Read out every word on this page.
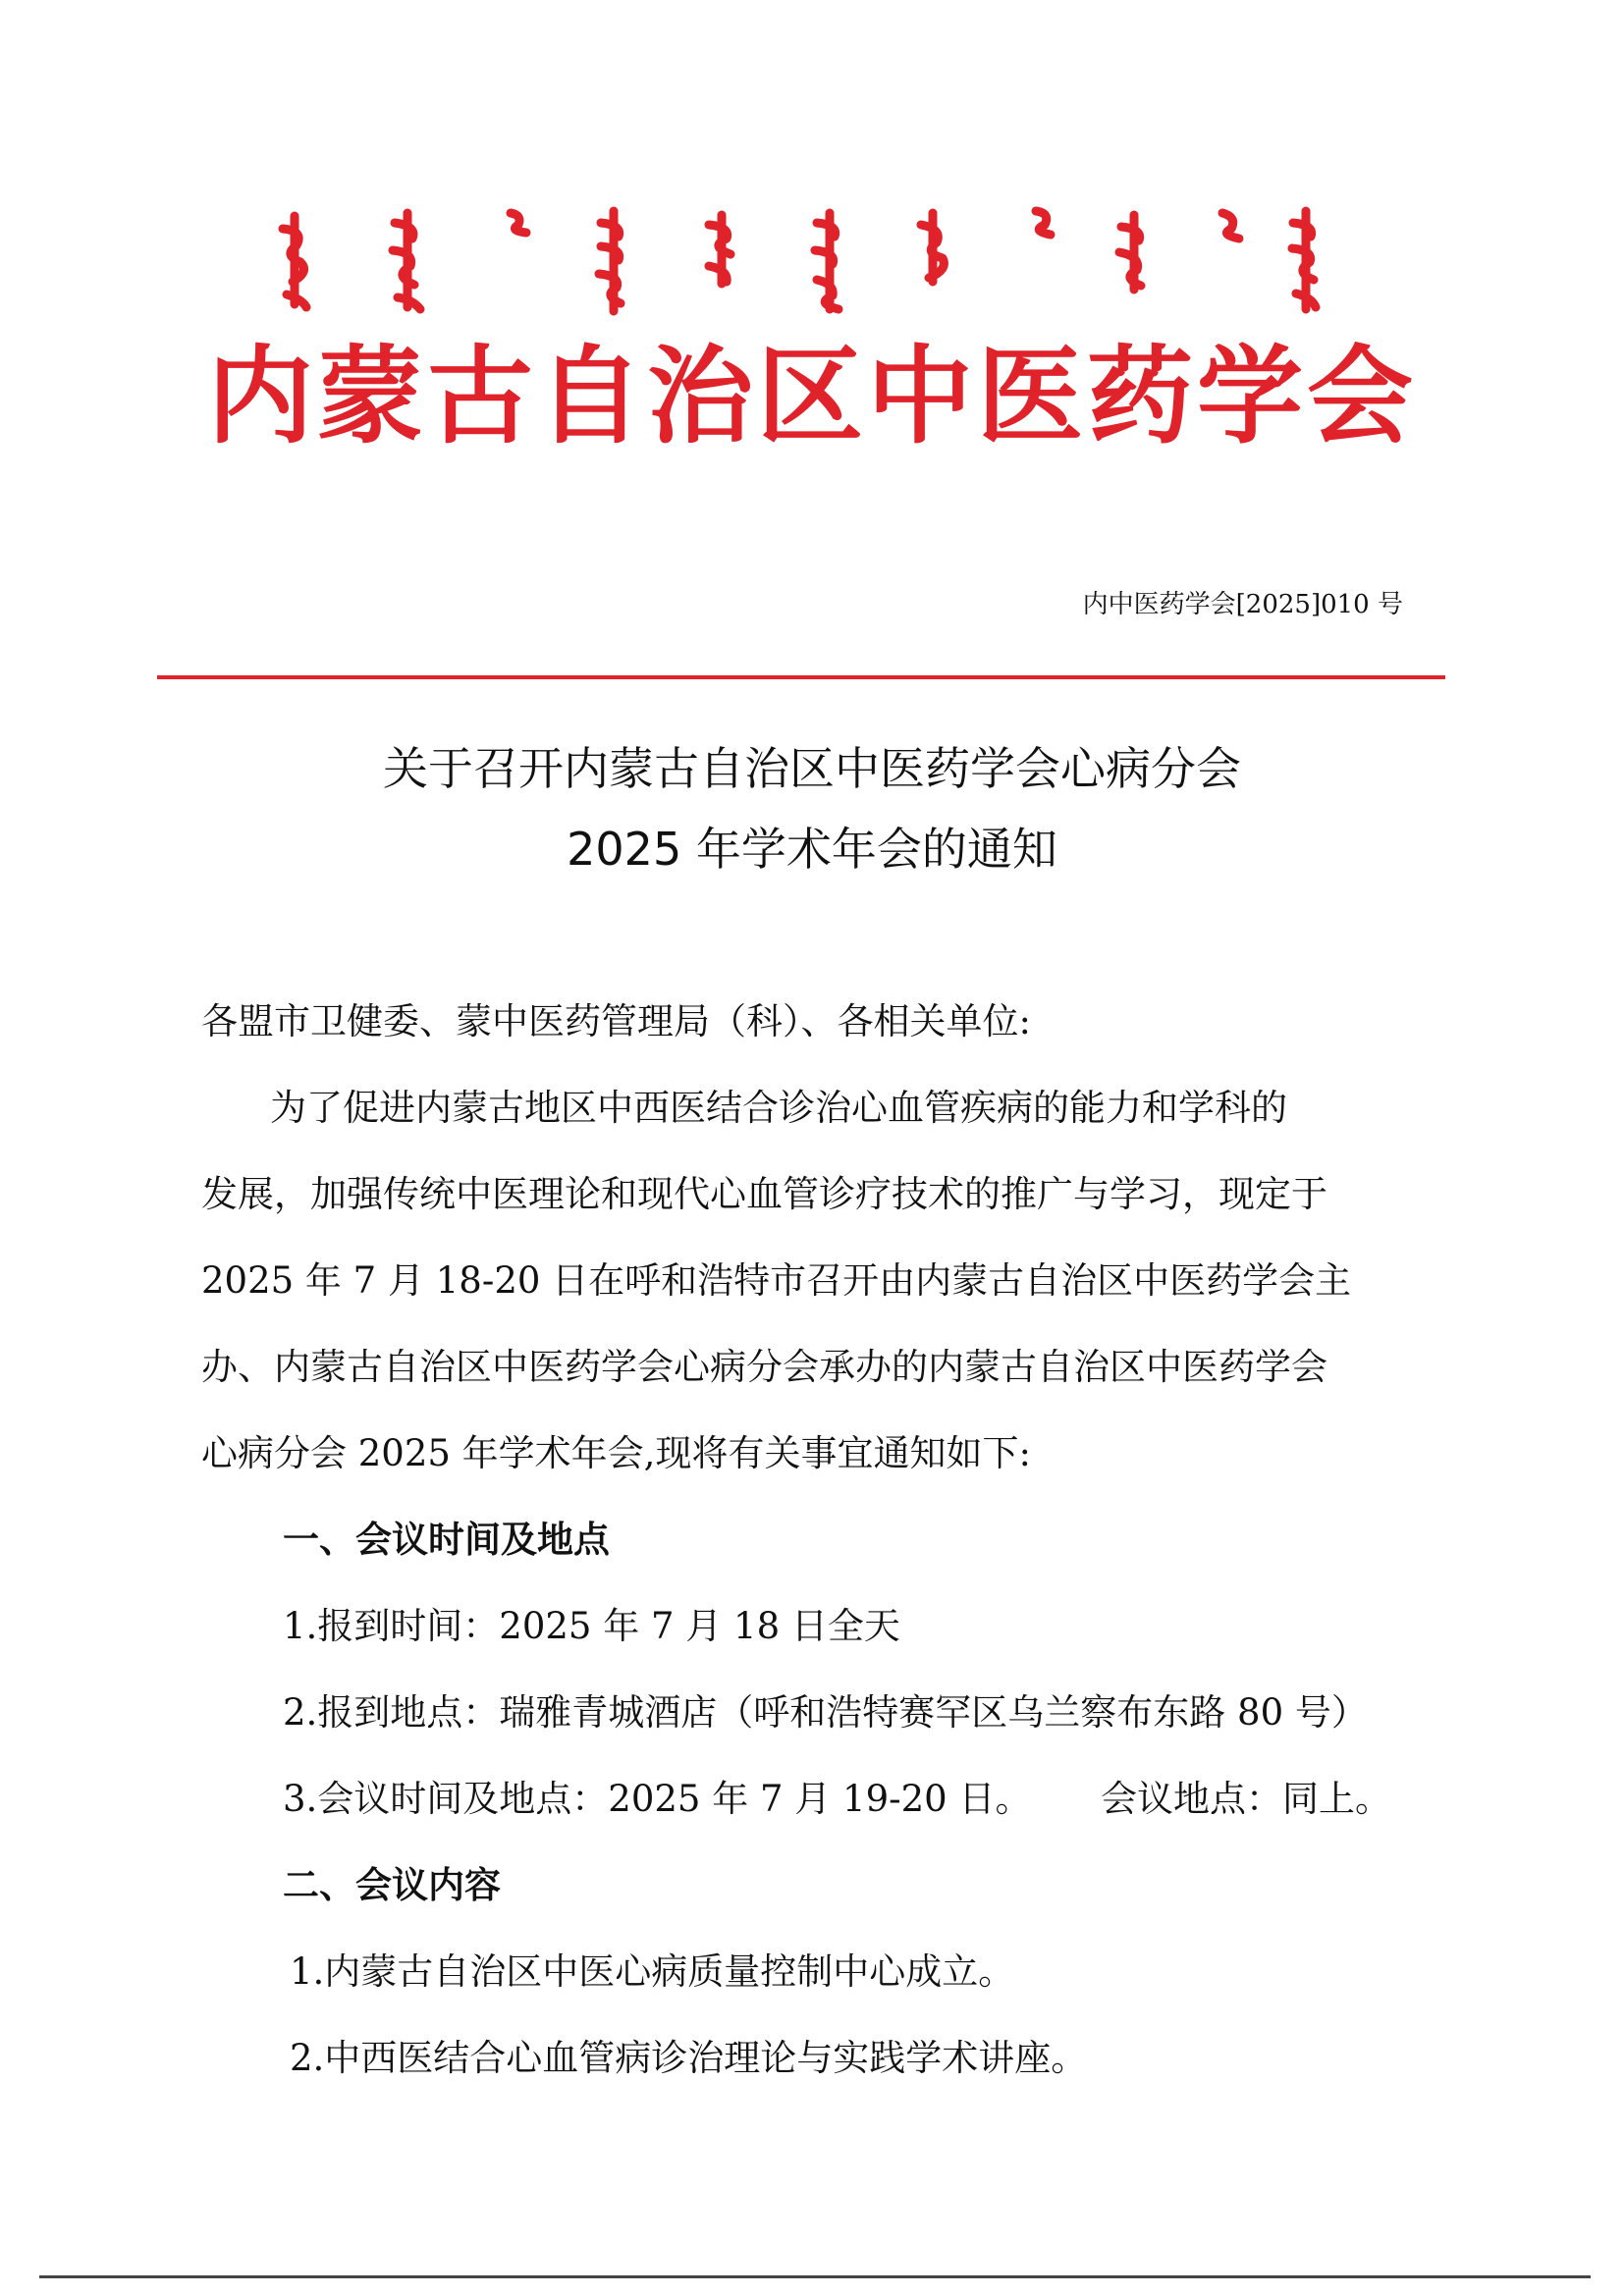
内蒙古自治区中医药学会
内中医药学会[2025]010 号
关于召开内蒙古自治区中医药学会心病分会
2025 年学术年会的通知
各盟市卫健委、蒙中医药管理局（科）、各相关单位:
为了促进内蒙古地区中西医结合诊治心血管疾病的能力和学科的
发展，加强传统中医理论和现代心血管诊疗技术的推广与学习，现定于
2025 年 7 月 18-20 日在呼和浩特市召开由内蒙古自治区中医药学会主
办、内蒙古自治区中医药学会心病分会承办的内蒙古自治区中医药学会
心病分会 2025 年学术年会,现将有关事宜通知如下:
一、会议时间及地点
1.报到时间：2025 年 7 月 18 日全天
2.报到地点：瑞雅青城酒店（呼和浩特赛罕区乌兰察布东路 80 号）
3.会议时间及地点：2025 年 7 月 19-20 日。      会议地点：同上。
二、会议内容
1.内蒙古自治区中医心病质量控制中心成立。
2.中西医结合心血管病诊治理论与实践学术讲座。
